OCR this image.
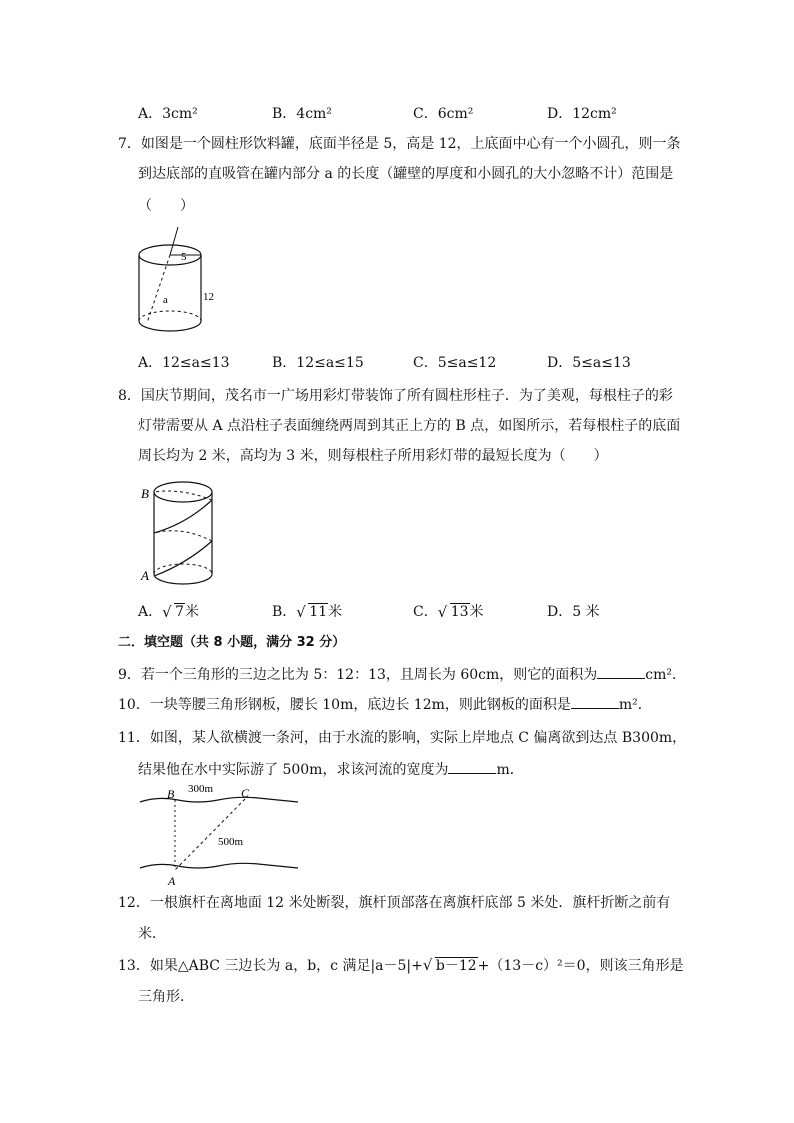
A．3cm²	B．4cm²	C．6cm²	D．12cm²
7．如图是一个圆柱形饮料罐，底面半径是 5，高是 12，上底面中心有一个小圆孔，则一条
到达底部的直吸管在罐内部分 a 的长度（罐壁的厚度和小圆孔的大小忽略不计）范围是
（　　）
5
12
a
A．12≤a≤13	B．12≤a≤15	C．5≤a≤12	D．5≤a≤13
8．国庆节期间，茂名市一广场用彩灯带装饰了所有圆柱形柱子．为了美观，每根柱子的彩
灯带需要从 A 点沿柱子表面缠绕两周到其正上方的 B 点，如图所示，若每根柱子的底面
周长均为 2 米，高均为 3 米，则每根柱子所用彩灯带的最短长度为（　　）
B
A
A． √ 7米	B． √ 11米	C． √ 13米	D．5 米
二．填空题（共 8 小题，满分 32 分）
9．若一个三角形的三边之比为 5：12：13，且周长为 60cm，则它的面积为	cm²．
10．一块等腰三角形钢板，腰长 10m，底边长 12m，则此钢板的面积是	m²．
11．如图，某人欲横渡一条河，由于水流的影响，实际上岸地点 C 偏离欲到达点 B300m，
结果他在水中实际游了 500m，求该河流的宽度为	m．
B	C
A
300m
500m
12．一根旗杆在离地面 12 米处断裂，旗杆顶部落在离旗杆底部 5 米处．旗杆折断之前有
米．
13．如果△ABC 三边长为 a，b，c 满足|a－5|+ √ b－12+（13－c）²＝0，则该三角形是
三角形．
